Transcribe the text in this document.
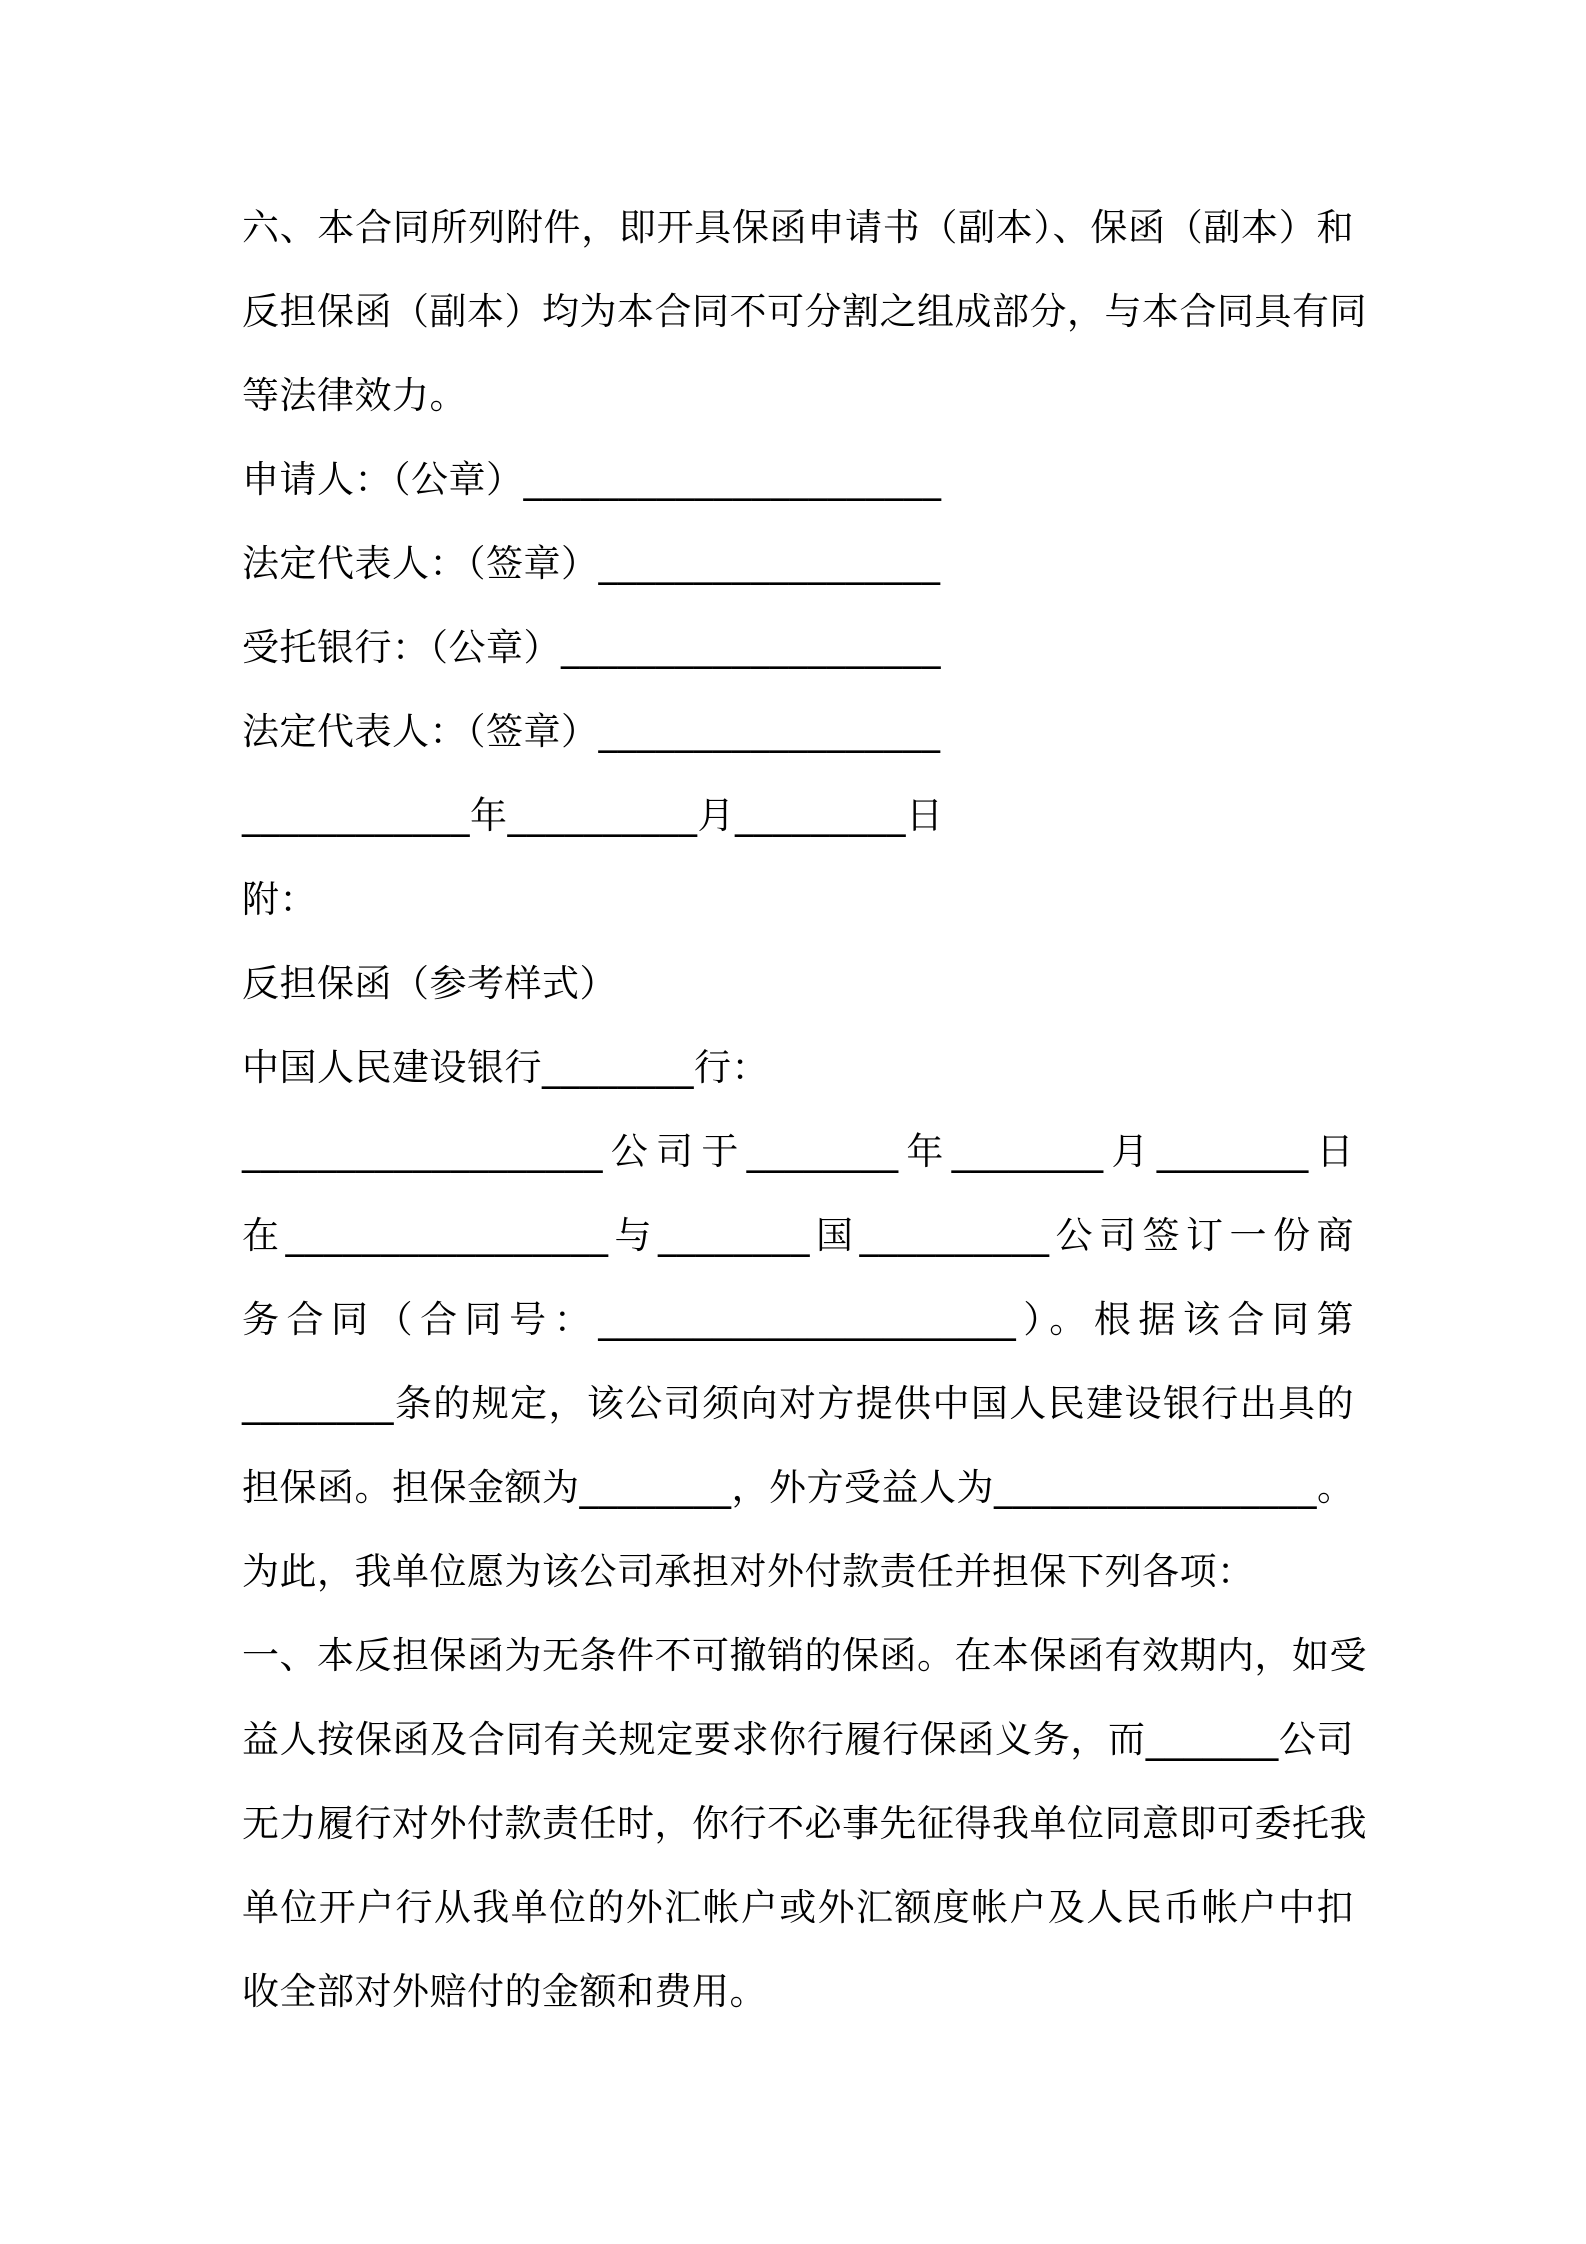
六、本合同所列附件，即开具保函申请书（副本）、保函（副本）和
反担保函（副本）均为本合同不可分割之组成部分，与本合同具有同
等法律效力。
申请人：（公章）______________________
法定代表人：（签章）__________________
受托银行：（公章）____________________
法定代表人：（签章）__________________
____________年__________月_________日
附：
反担保函（参考样式）
中国人民建设银行________行：
___________________公司于________年________月________日
在_________________与________国__________公司签订一份商
务合同（合同号：______________________）。根据该合同第
________条的规定，该公司须向对方提供中国人民建设银行出具的
担保函。担保金额为________，外方受益人为_________________。
为此，我单位愿为该公司承担对外付款责任并担保下列各项：
一、本反担保函为无条件不可撤销的保函。在本保函有效期内，如受
益人按保函及合同有关规定要求你行履行保函义务，而_______公司
无力履行对外付款责任时，你行不必事先征得我单位同意即可委托我
单位开户行从我单位的外汇帐户或外汇额度帐户及人民币帐户中扣
收全部对外赔付的金额和费用。
